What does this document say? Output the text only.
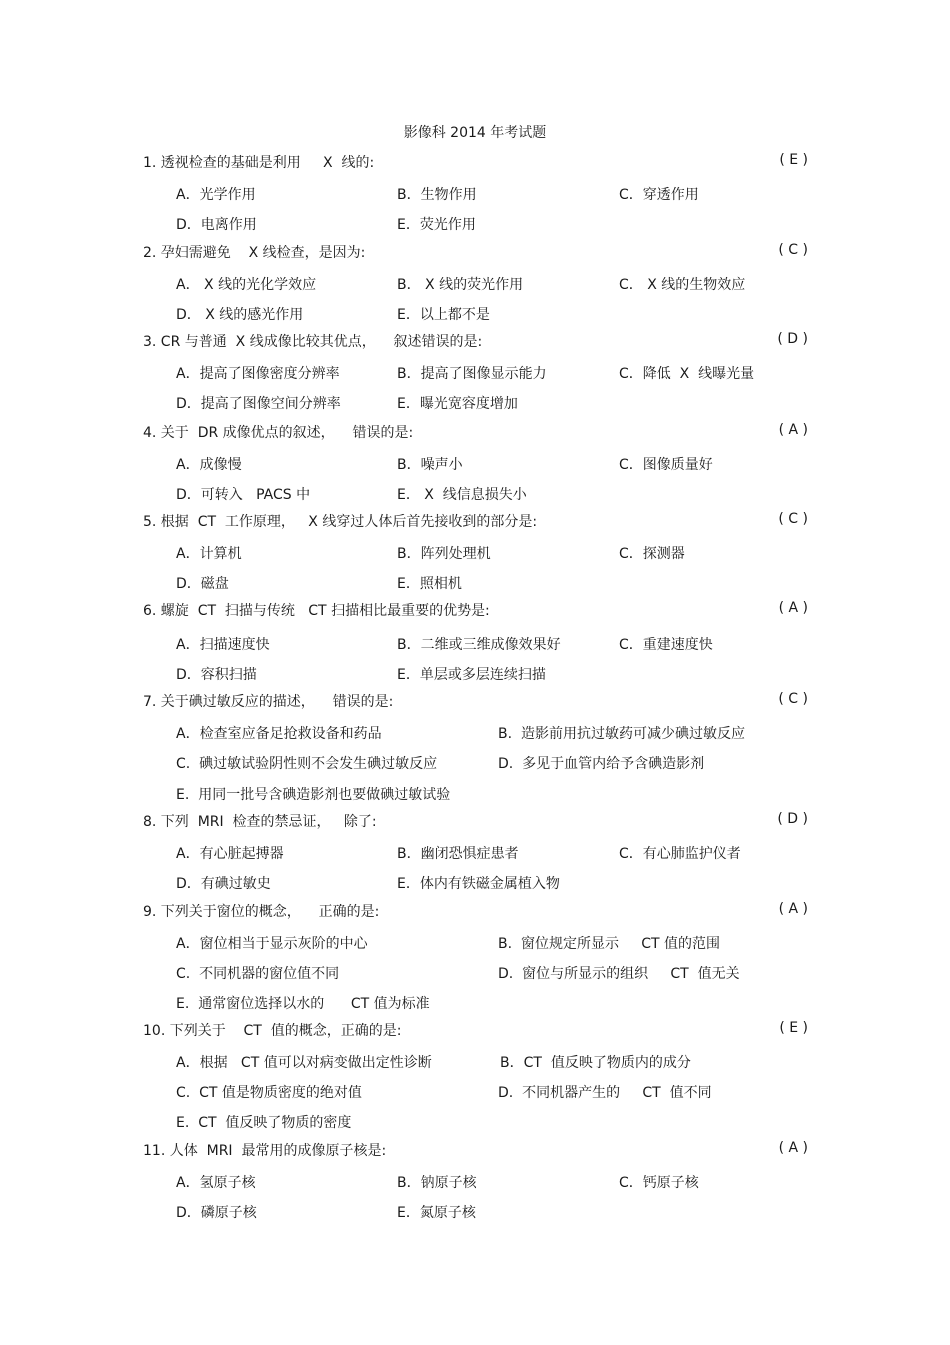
影像科 2014 年考试题
1. 透视检查的基础是利用     X  线的:	( E )
A．光学作用	B．生物作用	C．穿透作用
D．电离作用	E．荧光作用
2. 孕妇需避免    X 线检查，是因为:	( C )
A． X 线的光化学效应	B． X 线的荧光作用	C． X 线的生物效应
D． X 线的感光作用	E．以上都不是
3. CR 与普通  X 线成像比较其优点，    叙述错误的是:	( D )
A．提高了图像密度分辨率	B．提高了图像显示能力	C．降低  X  线曝光量
D．提高了图像空间分辨率	E．曝光宽容度增加
4. 关于  DR 成像优点的叙述，    错误的是:	( A )
A．成像慢	B．噪声小	C．图像质量好
D．可转入   PACS 中	E． X  线信息损失小
5. 根据  CT  工作原理，   X 线穿过人体后首先接收到的部分是:	( C )
A．计算机	B．阵列处理机	C．探测器
D．磁盘	E．照相机
6. 螺旋  CT  扫描与传统   CT 扫描相比最重要的优势是:	( A )
A．扫描速度快	B．二维或三维成像效果好	C．重建速度快
D．容积扫描	E．单层或多层连续扫描
7. 关于碘过敏反应的描述，    错误的是:	( C )
A．检查室应备足抢救设备和药品	B.  造影前用抗过敏药可减少碘过敏反应
C.  碘过敏试验阴性则不会发生碘过敏反应	D.  多见于血管内给予含碘造影剂
E.  用同一批号含碘造影剂也要做碘过敏试验
8. 下列  MRI  检查的禁忌证，   除了:	( D )
A．有心脏起搏器	B．幽闭恐惧症患者	C．有心肺监护仪者
D．有碘过敏史	E．体内有铁磁金属植入物
9. 下列关于窗位的概念，    正确的是:	( A )
A．窗位相当于显示灰阶的中心	B.  窗位规定所显示     CT 值的范围
C.  不同机器的窗位值不同	D.  窗位与所显示的组织     CT  值无关
E.  通常窗位选择以水的      CT 值为标准
10. 下列关于    CT  值的概念，正确的是:	( E )
A．根据   CT 值可以对病变做出定性诊断	B．CT  值反映了物质内的成分
C.  CT 值是物质密度的绝对值	D.  不同机器产生的     CT  值不同
E.  CT  值反映了物质的密度
11. 人体  MRI  最常用的成像原子核是:	( A )
A．氢原子核	B．钠原子核	C．钙原子核
D．磷原子核	E．氮原子核
